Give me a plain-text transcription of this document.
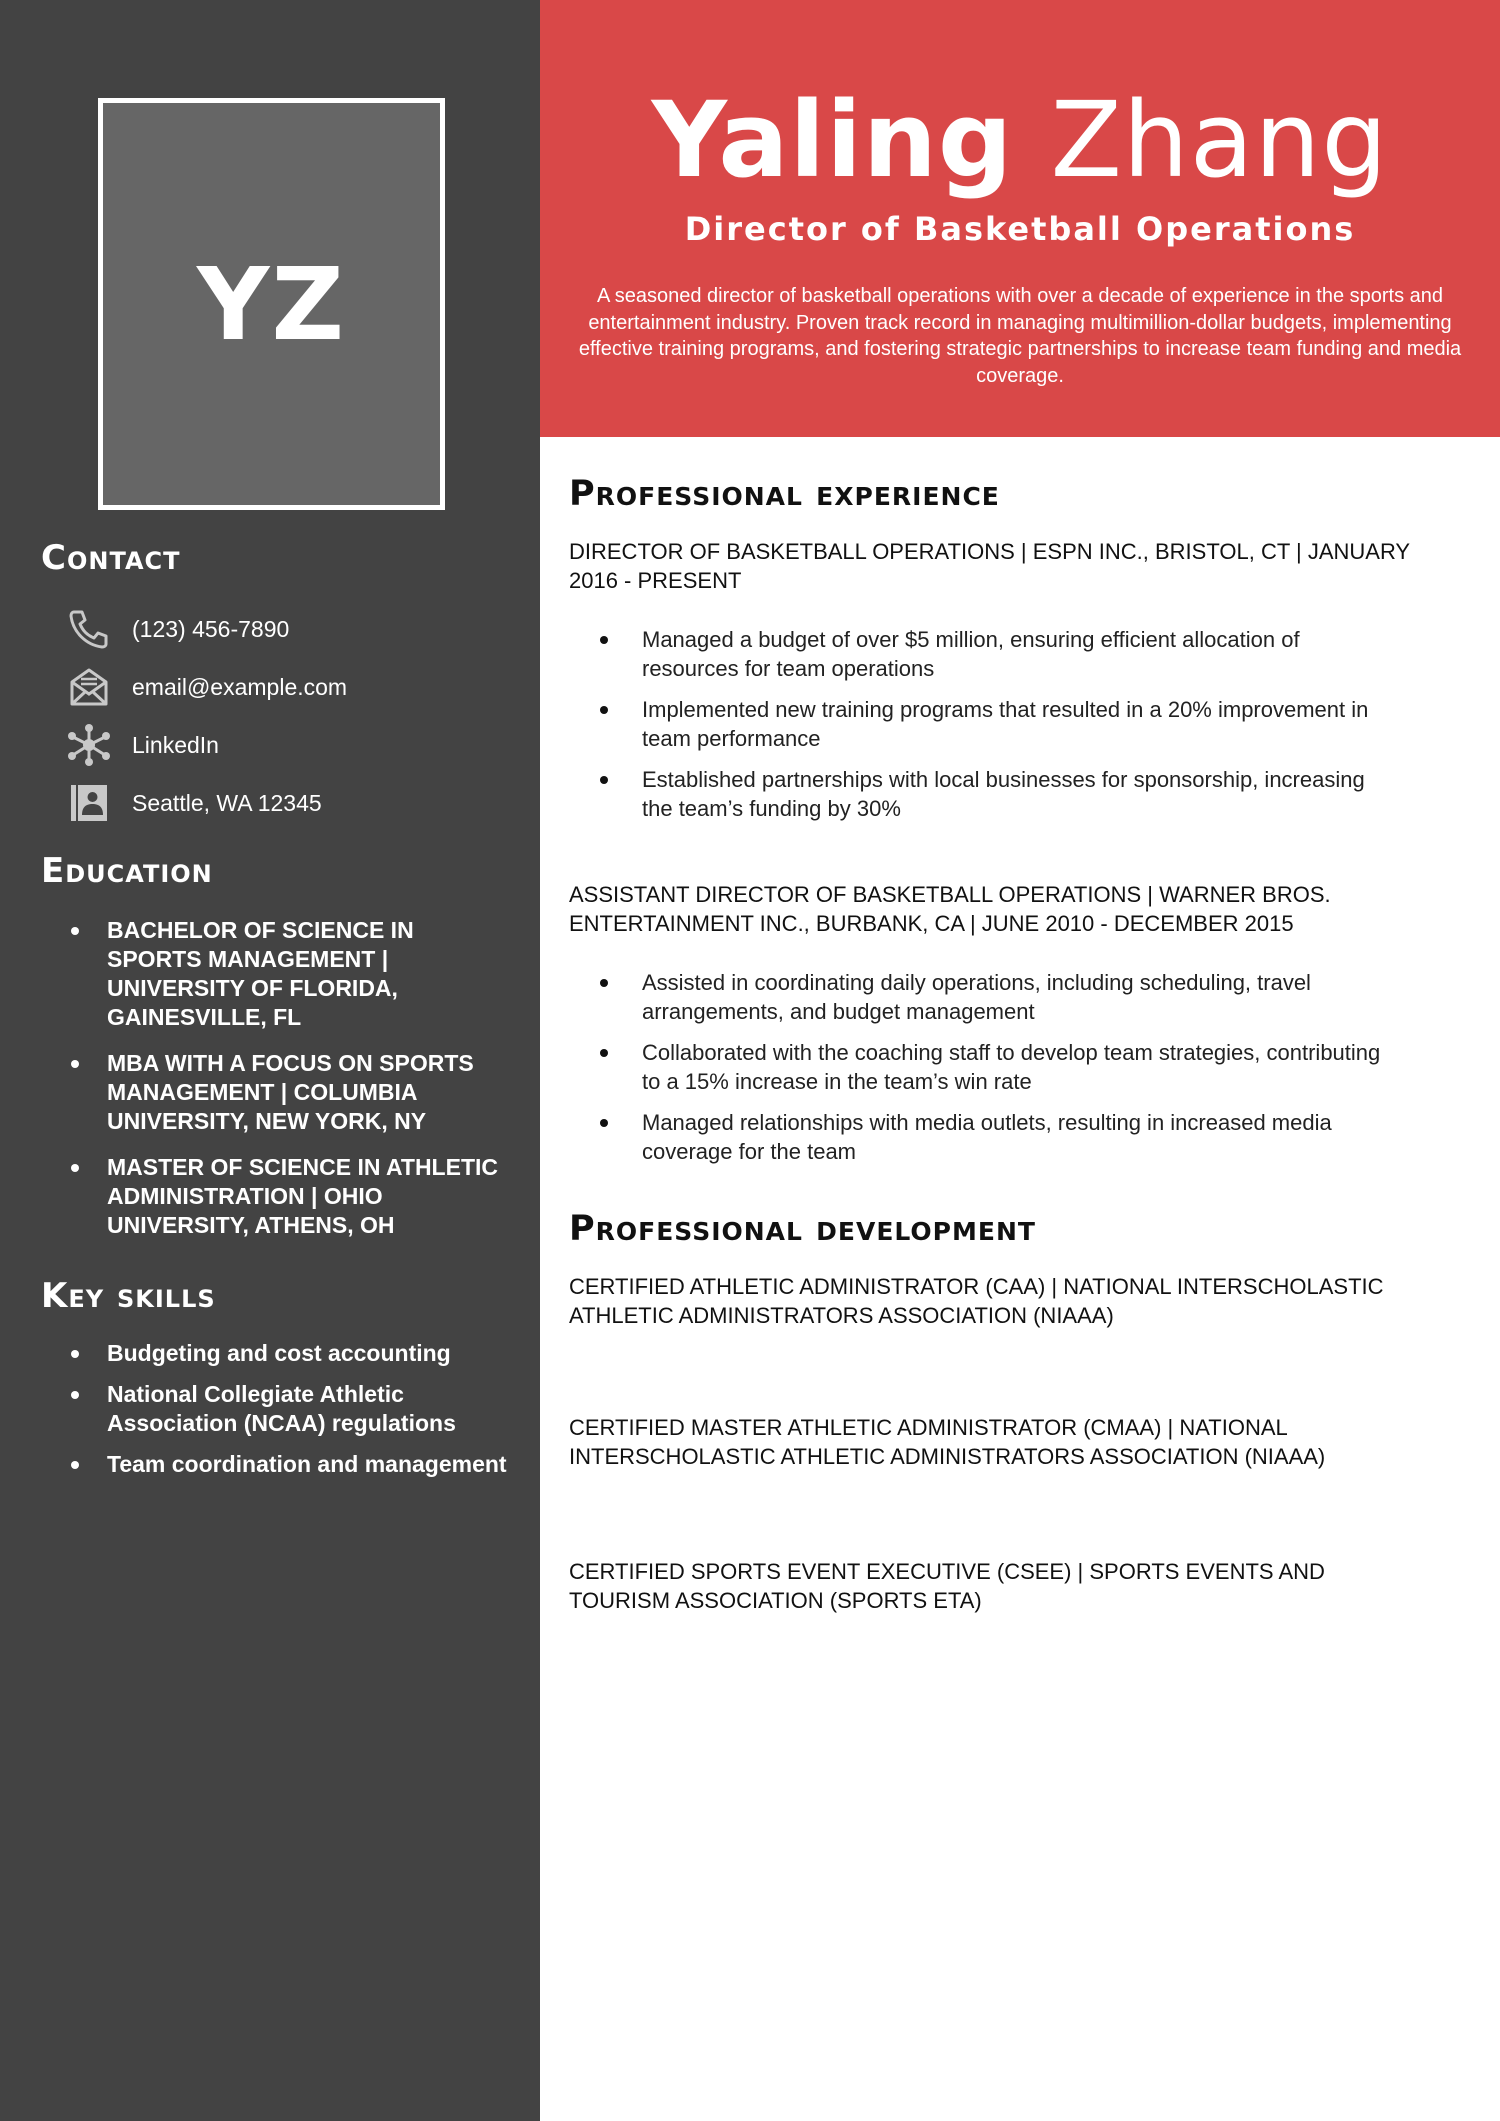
YZ
Contact
(123) 456-7890
email@example.com
LinkedIn
Seattle, WA 12345
Education
BACHELOR OF SCIENCE IN SPORTS MANAGEMENT | UNIVERSITY OF FLORIDA, GAINESVILLE, FL
MBA WITH A FOCUS ON SPORTS MANAGEMENT | COLUMBIA UNIVERSITY, NEW YORK, NY
MASTER OF SCIENCE IN ATHLETIC ADMINISTRATION | OHIO UNIVERSITY, ATHENS, OH
Key skills
Budgeting and cost accounting
National Collegiate Athletic Association (NCAA) regulations
Team coordination and management
Yaling Zhang
Director of Basketball Operations

A seasoned director of basketball operations with over a decade of experience in the sports and entertainment industry. Proven track record in managing multimillion-dollar budgets, implementing effective training programs, and fostering strategic partnerships to increase team funding and media coverage.

Professional experience

DIRECTOR OF BASKETBALL OPERATIONS | ESPN INC., BRISTOL, CT | JANUARY 2016 - PRESENT

Managed a budget of over $5 million, ensuring efficient allocation of resources for team operations
Implemented new training programs that resulted in a 20% improvement in team performance
Established partnerships with local businesses for sponsorship, increasing the team’s funding by 30%

ASSISTANT DIRECTOR OF BASKETBALL OPERATIONS | WARNER BROS. ENTERTAINMENT INC., BURBANK, CA | JUNE 2010 - DECEMBER 2015

Assisted in coordinating daily operations, including scheduling, travel arrangements, and budget management
Collaborated with the coaching staff to develop team strategies, contributing to a 15% increase in the team’s win rate
Managed relationships with media outlets, resulting in increased media coverage for the team
Professional development

CERTIFIED ATHLETIC ADMINISTRATOR (CAA) | NATIONAL INTERSCHOLASTIC ATHLETIC ADMINISTRATORS ASSOCIATION (NIAAA)

CERTIFIED MASTER ATHLETIC ADMINISTRATOR (CMAA) | NATIONAL INTERSCHOLASTIC ATHLETIC ADMINISTRATORS ASSOCIATION (NIAAA)

CERTIFIED SPORTS EVENT EXECUTIVE (CSEE) | SPORTS EVENTS AND TOURISM ASSOCIATION (SPORTS ETA)
